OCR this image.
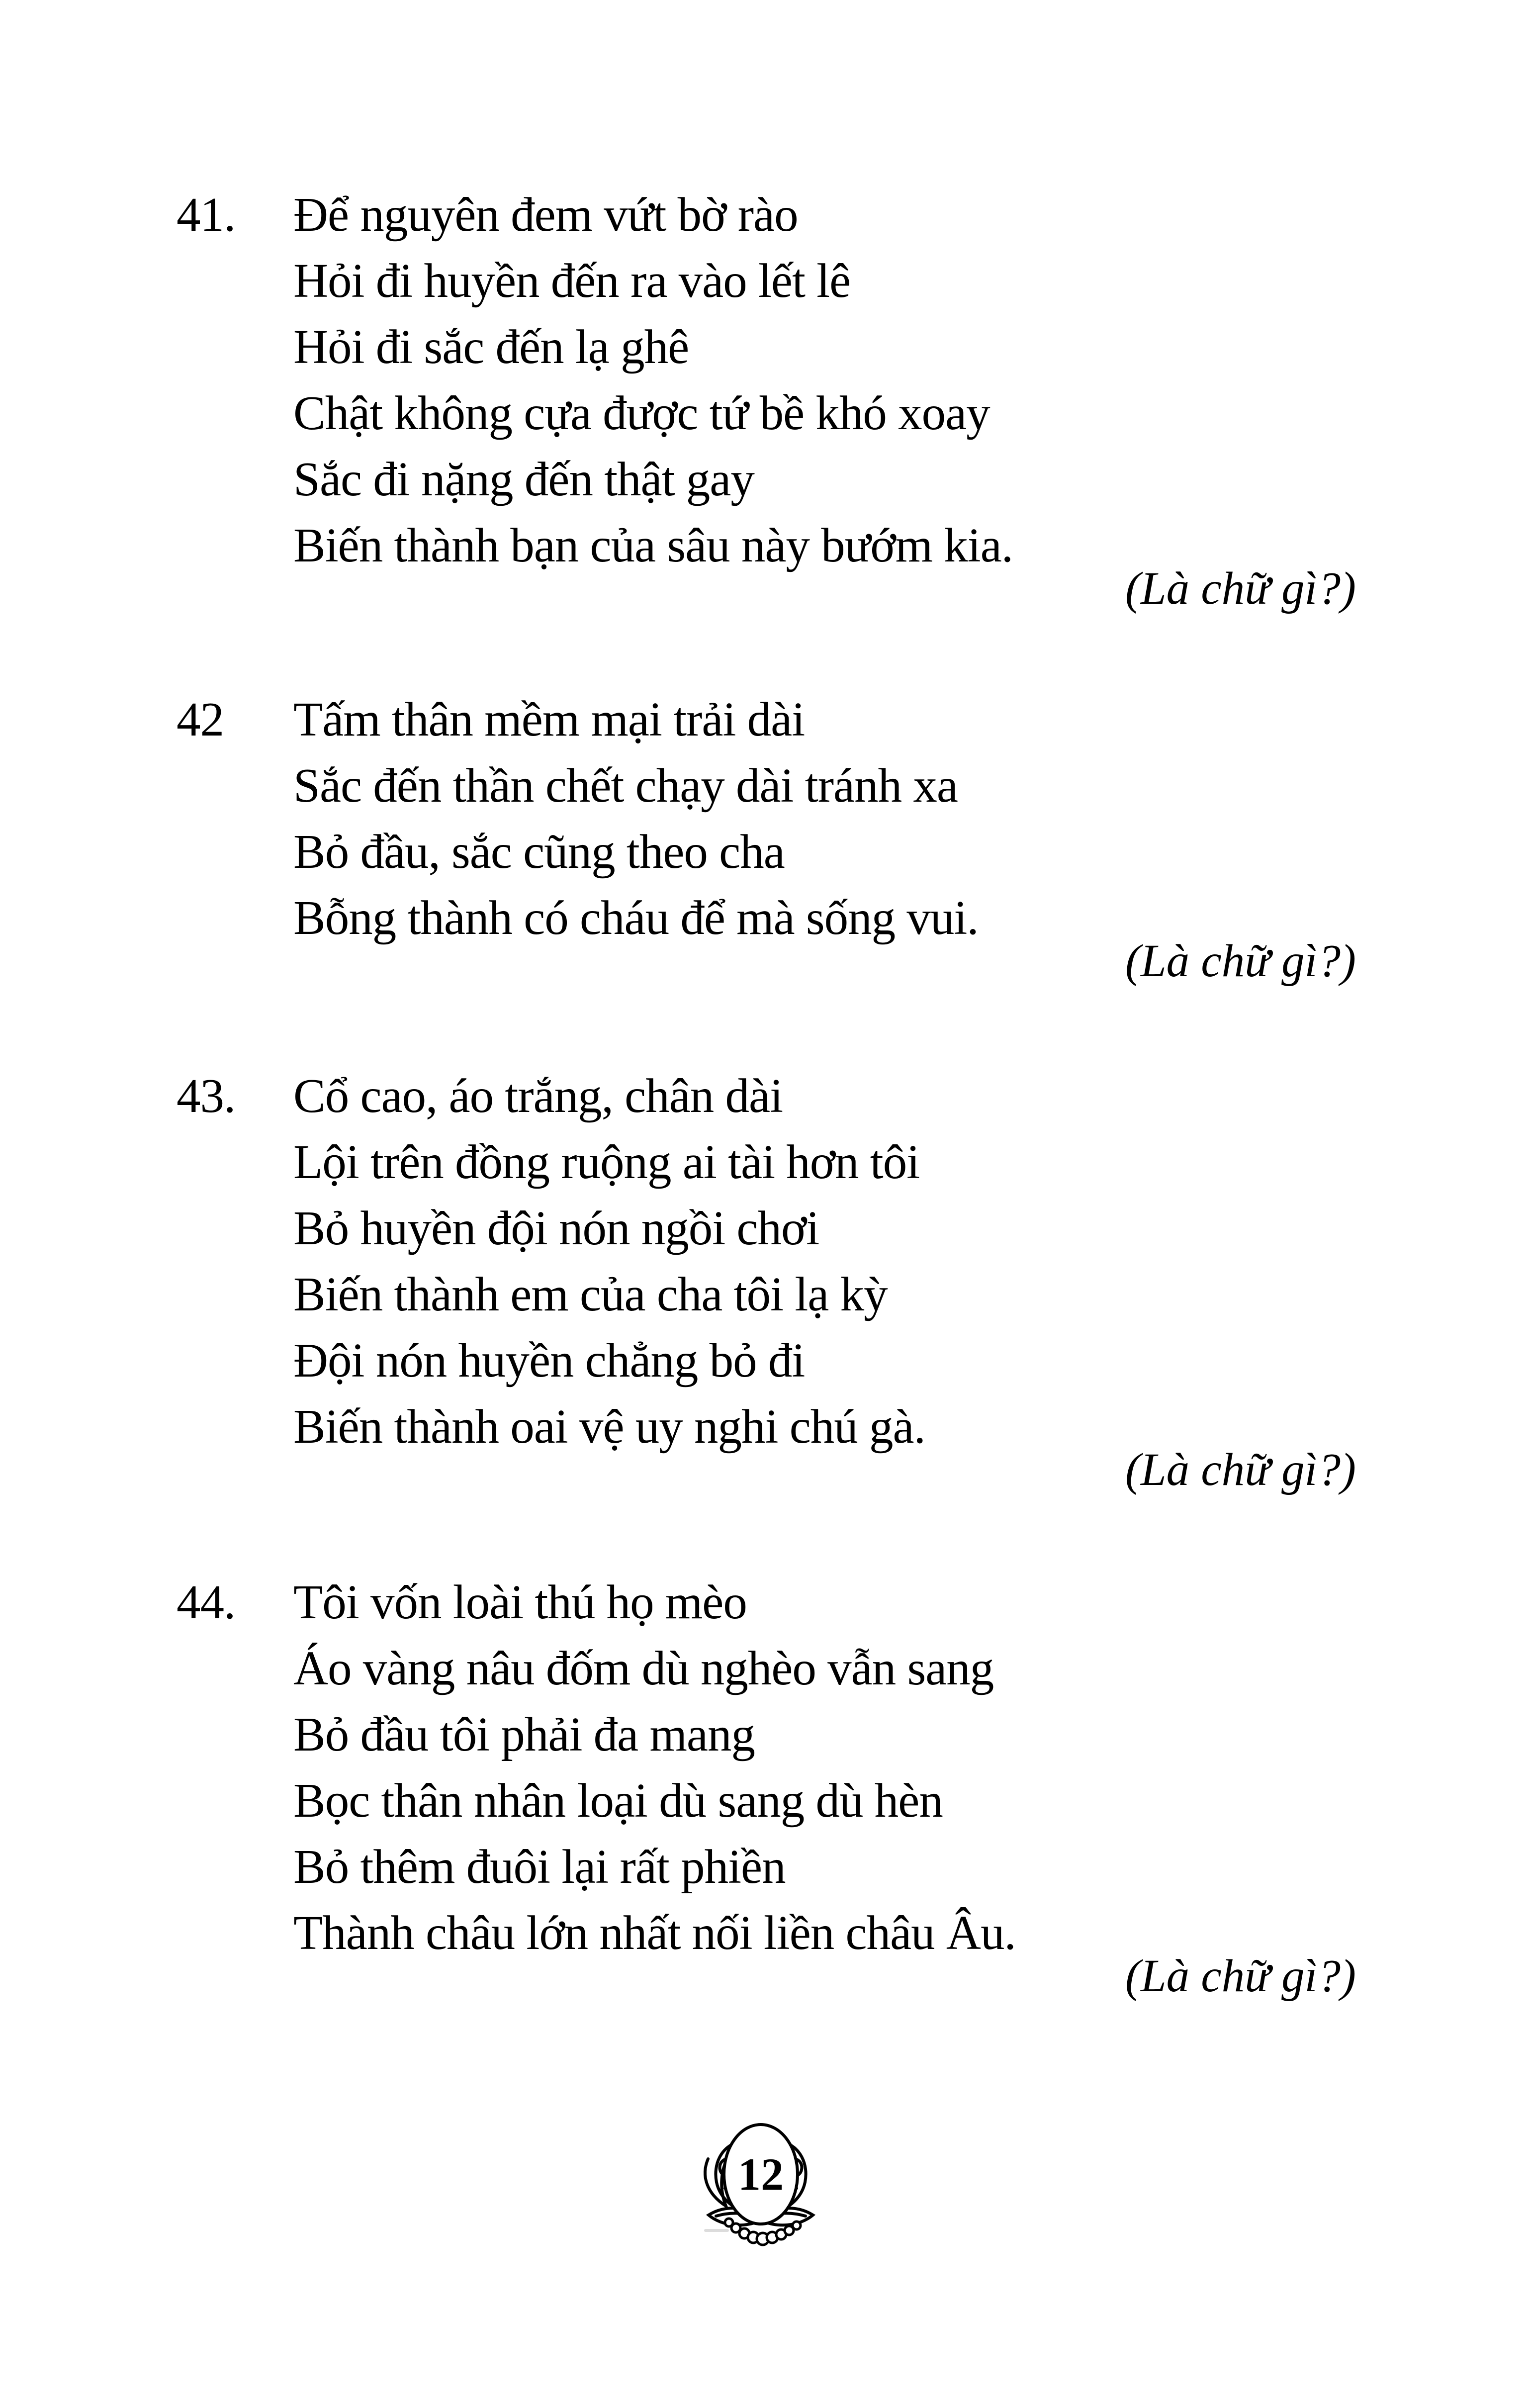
41. Để nguyên đem vứt bờ rào
Hỏi đi huyền đến ra vào lết lê
Hỏi đi sắc đến lạ ghê
Chật không cựa được tứ bề khó xoay
Sắc đi nặng đến thật gay
Biến thành bạn của sâu này bướm kia.
(Là chữ gì?)
42 Tấm thân mềm mại trải dài
Sắc đến thần chết chạy dài tránh xa
Bỏ đầu, sắc cũng theo cha
Bỗng thành có cháu để mà sống vui.
(Là chữ gì?)
43. Cổ cao, áo trắng, chân dài
Lội trên đồng ruộng ai tài hơn tôi
Bỏ huyền đội nón ngồi chơi
Biến thành em của cha tôi lạ kỳ
Đội nón huyền chẳng bỏ đi
Biến thành oai vệ uy nghi chú gà.
(Là chữ gì?)
44. Tôi vốn loài thú họ mèo
Áo vàng nâu đốm dù nghèo vẫn sang
Bỏ đầu tôi phải đa mang
Bọc thân nhân loại dù sang dù hèn
Bỏ thêm đuôi lại rất phiền
Thành châu lớn nhất nối liền châu Âu.
(Là chữ gì?)
12
